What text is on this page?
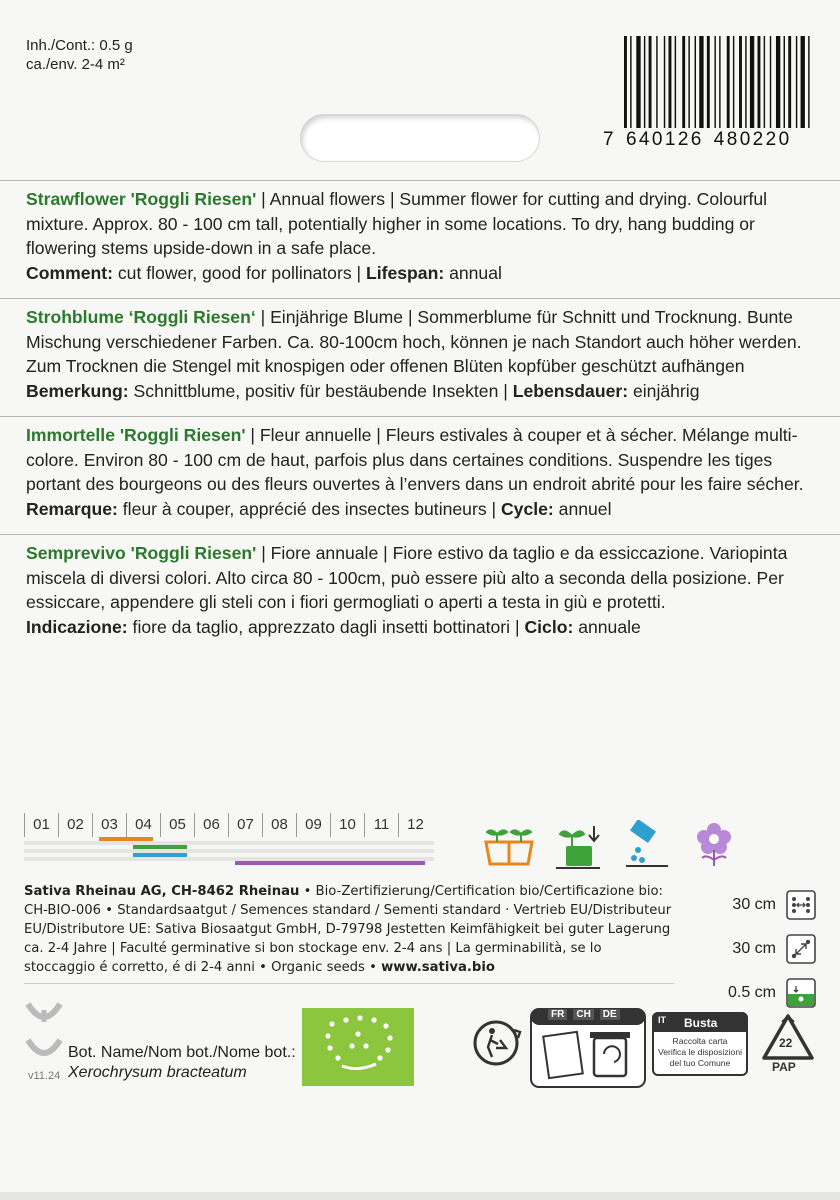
Inh./Cont.: 0.5 g
ca./env. 2-4 m²
7 640126 480220
Strawflower 'Roggli Riesen' | Annual flowers | Summer flower for cutting and drying. Colourful mixture. Approx. 80 - 100 cm tall, potentially higher in some locations. To dry, hang budding or flowering stems upside-down in a safe place.
Comment: cut flower, good for pollinators | Lifespan: annual
Strohblume ‘Roggli Riesen‘ | Einjährige Blume | Sommerblume für Schnitt und Trocknung. Bunte Mischung verschiedener Farben. Ca. 80-100cm hoch, können je nach Standort auch höher werden. Zum Trocknen die Stengel mit knospigen oder offenen Blüten kopfüber geschützt aufhängen
Bemerkung: Schnittblume, positiv für bestäubende Insekten | Lebensdauer: einjährig
Immortelle 'Roggli Riesen' | Fleur annuelle | Fleurs estivales à couper et à sécher. Mélange multi-colore. Environ 80 - 100 cm de haut, parfois plus dans certaines conditions. Suspendre les tiges portant des bourgeons ou des fleurs ouvertes à l’envers dans un endroit abrité pour les faire sécher.
Remarque: fleur à couper, apprécié des insectes butineurs | Cycle: annuel
Semprevivo 'Roggli Riesen' | Fiore annuale | Fiore estivo da taglio e da essiccazione. Variopinta miscela di diversi colori. Alto circa 80 - 100cm, può essere più alto a seconda della posizione. Per essiccare, appendere gli steli con i fiori germogliati o aperti a testa in giù e protetti.
Indicazione: fiore da taglio, apprezzato dagli insetti bottinatori | Ciclo: annuale
01	02	03	04	05	06	07	08	09	10	11	12
Sativa Rheinau AG, CH-8462 Rheinau • Bio-Zertifizierung/Certification bio/Certificazione bio: CH-BIO-006 • Standardsaatgut / Semences standard / Sementi standard · Vertrieb EU/Distributeur EU/Distributore UE: Sativa Biosaatgut GmbH, D-79798 Jestetten Keimfähigkeit bei guter Lagerung ca. 2-4 Jahre | Faculté germinative si bon stockage env. 2-4 ans | La germinabilità, se lo stoccaggio é corretto, é di 2-4 anni • Organic seeds • www.sativa.bio
30 cm
30 cm
0.5 cm
v11.24
Bot. Name/Nom bot./Nome bot.:
Xerochrysum bracteatum
FR	CH	DE	IT Busta
Raccolta carta
Verifica le disposizioni
del tuo Comune
22
PAP
